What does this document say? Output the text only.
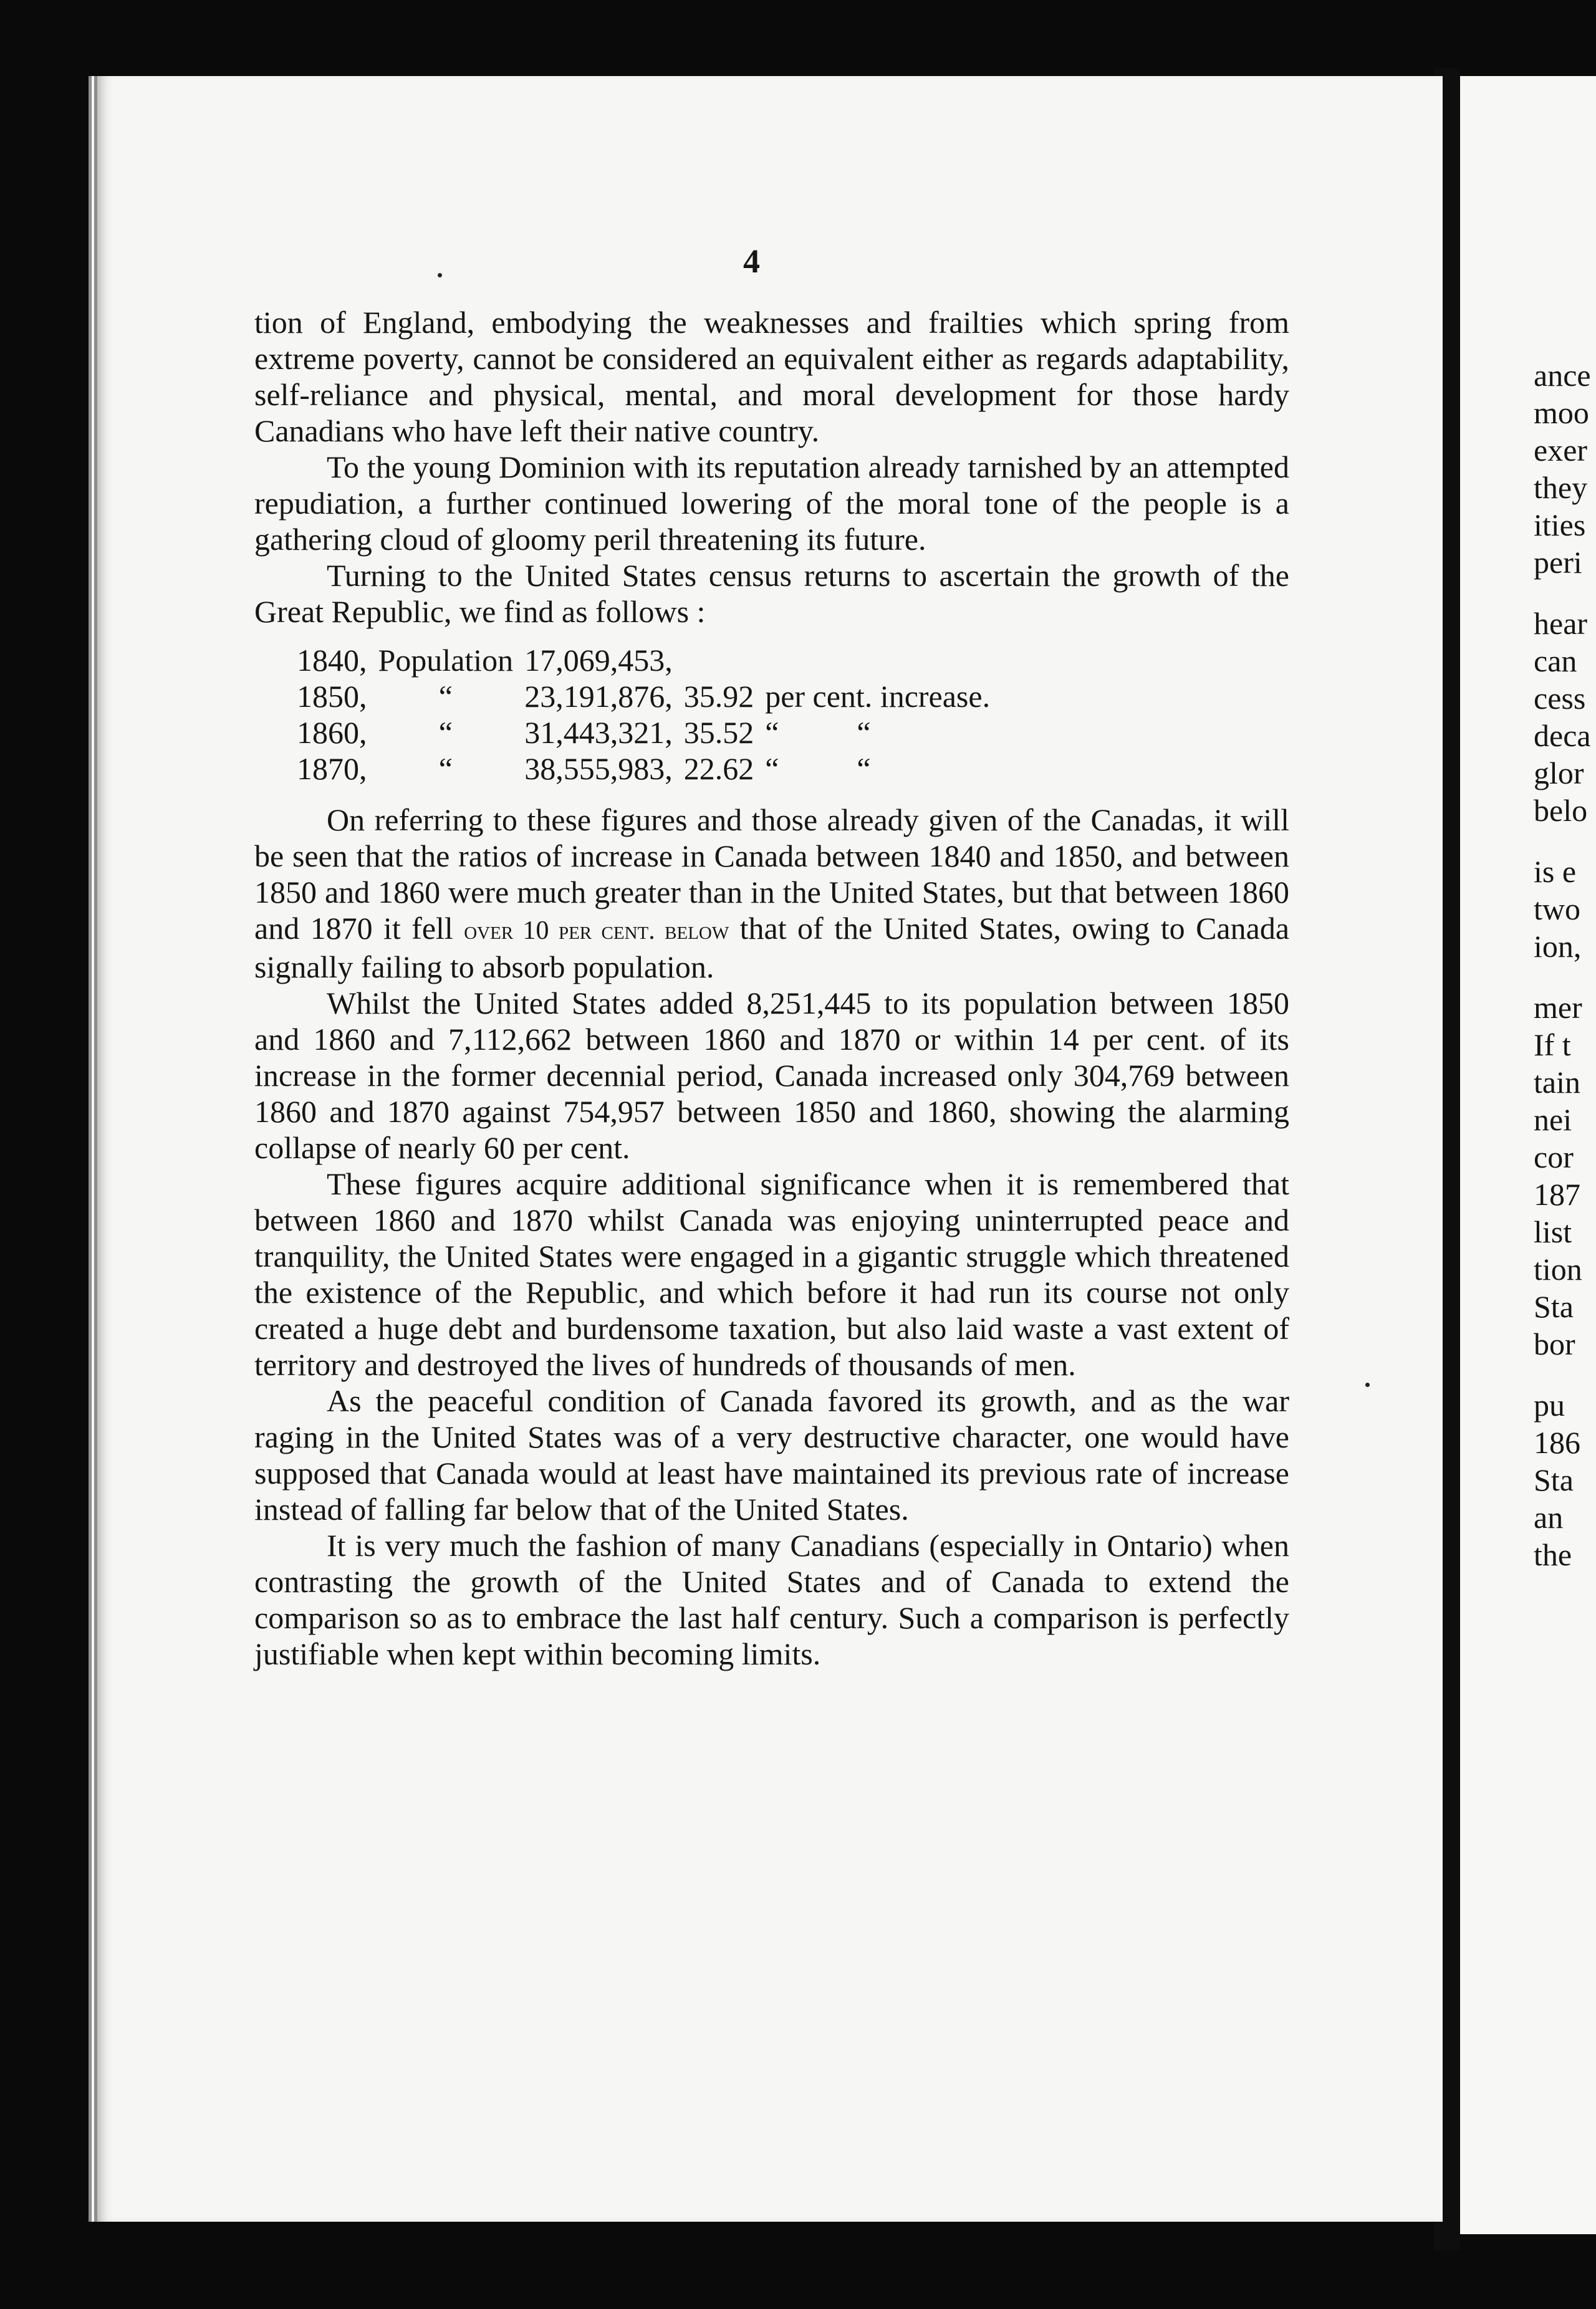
4

tion of England, embodying the weaknesses and frailties which spring from extreme poverty, cannot be considered an equivalent either as regards adaptability, self-reliance and physical, mental, and moral development for those hardy Canadians who have left their native country.

To the young Dominion with its reputation already tarnished by an attempted repudiation, a further continued lowering of the moral tone of the people is a gathering cloud of gloomy peril threatening its future.

Turning to the United States census returns to ascertain the growth of the Great Republic, we find as follows :

1840,	Population	17,069,453,		
1850,	“	23,191,876,	35.92	per cent. increase.
1860,	“	31,443,321,	35.52	“          “
1870,	“	38,555,983,	22.62	“          “

On referring to these figures and those already given of the Canadas, it will be seen that the ratios of increase in Canada between 1840 and 1850, and between 1850 and 1860 were much greater than in the United States, but that between 1860 and 1870 it fell over 10 per cent. below that of the United States, owing to Canada signally failing to absorb population.

Whilst the United States added 8,251,445 to its population between 1850 and 1860 and 7,112,662 between 1860 and 1870 or within 14 per cent. of its increase in the former decennial period, Canada increased only 304,769 between 1860 and 1870 against 754,957 between 1850 and 1860, showing the alarming collapse of nearly 60 per cent.

These figures acquire additional significance when it is remembered that between 1860 and 1870 whilst Canada was enjoying uninterrupted peace and tranquility, the United States were engaged in a gigantic struggle which threatened the existence of the Republic, and which before it had run its course not only created a huge debt and burdensome taxation, but also laid waste a vast extent of territory and destroyed the lives of hundreds of thousands of men.

As the peaceful condition of Canada favored its growth, and as the war raging in the United States was of a very destructive character, one would have supposed that Canada would at least have maintained its previous rate of increase instead of falling far below that of the United States.

It is very much the fashion of many Canadians (especially in Ontario) when contrasting the growth of the United States and of Canada to extend the comparison so as to embrace the last half century. Such a comparison is perfectly justifiable when kept within becoming limits.

ance
moo
exer
they
ities
peri
hear
can
cess
deca
glor
belo
is e
two
ion,
mer
If t
tain
nei
cor
187
list
tion
Sta
bor
pu
186
Sta
an
the
